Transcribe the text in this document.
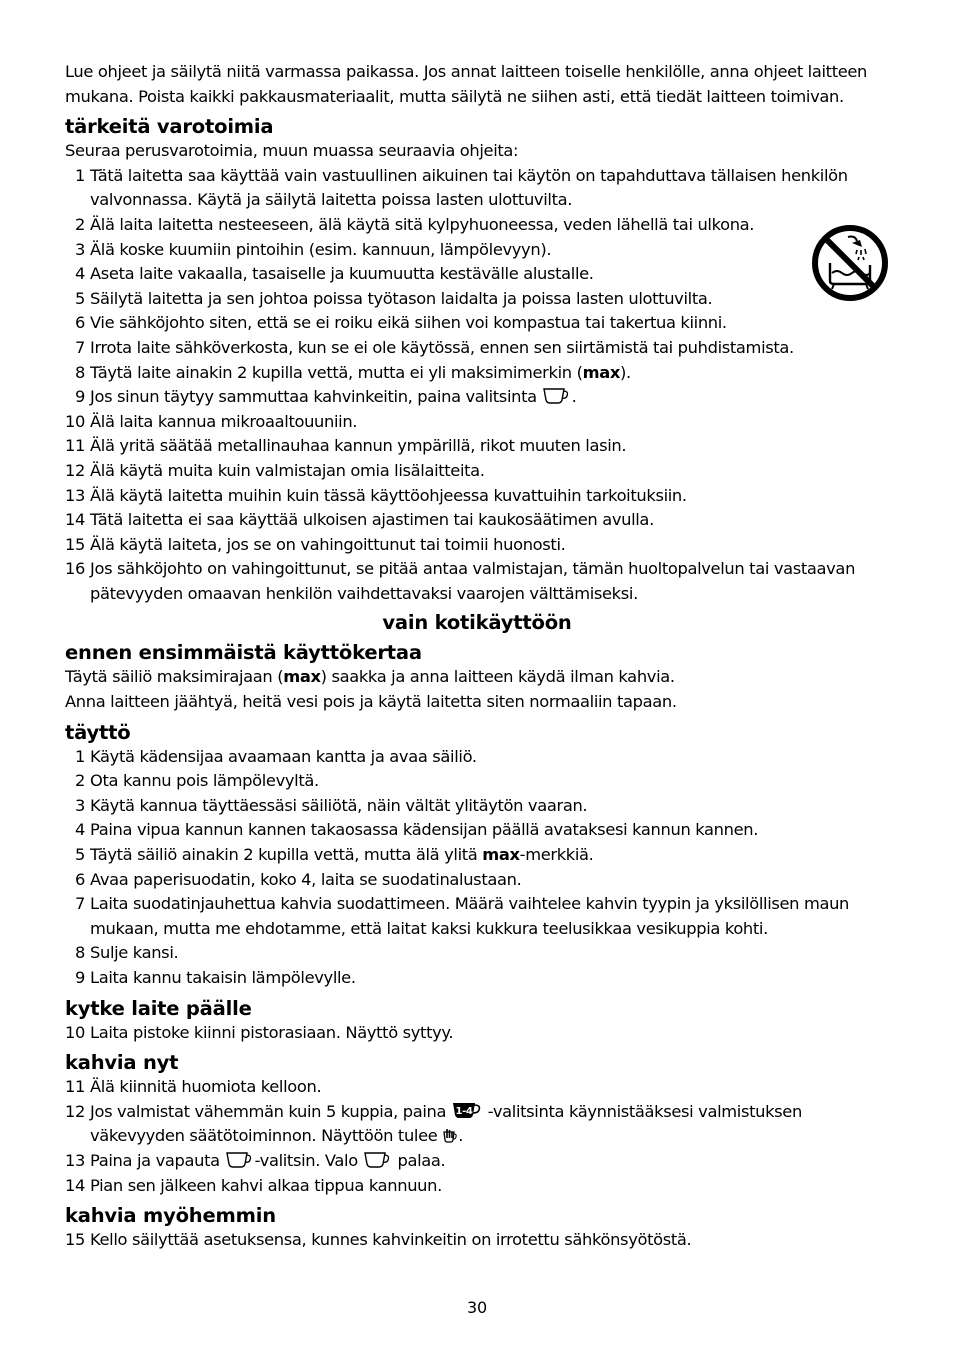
Lue ohjeet ja säilytä niitä varmassa paikassa. Jos annat laitteen toiselle henkilölle, anna ohjeet laitteen mukana. Poista kaikki pakkausmateriaalit, mutta säilytä ne siihen asti, että tiedät laitteen toimivan.

tärkeitä varotoimia

Seuraa perusvarotoimia, muun muassa seuraavia ohjeita:

1 Tätä laitetta saa käyttää vain vastuullinen aikuinen tai käytön on tapahduttava tällaisen henkilön valvonnassa. Käytä ja säilytä laitetta poissa lasten ulottuvilta.
2 Älä laita laitetta nesteeseen, älä käytä sitä kylpyhuoneessa, veden lähellä tai ulkona.
3 Älä koske kuumiin pintoihin (esim. kannuun, lämpölevyyn).
4 Aseta laite vakaalla, tasaiselle ja kuumuutta kestävälle alustalle.
5 Säilytä laitetta ja sen johtoa poissa työtason laidalta ja poissa lasten ulottuvilta.
6 Vie sähköjohto siten, että se ei roiku eikä siihen voi kompastua tai takertua kiinni.
7 Irrota laite sähköverkosta, kun se ei ole käytössä, ennen sen siirtämistä tai puhdistamista.
8 Täytä laite ainakin 2 kupilla vettä, mutta ei yli maksimimerkin (max).
9 Jos sinun täytyy sammuttaa kahvinkeitin, paina valitsinta .
10 Älä laita kannua mikroaaltouuniin.
11 Älä yritä säätää metallinauhaa kannun ympärillä, rikot muuten lasin.
12 Älä käytä muita kuin valmistajan omia lisälaitteita.
13 Älä käytä laitetta muihin kuin tässä käyttöohjeessa kuvattuihin tarkoituksiin.
14 Tätä laitetta ei saa käyttää ulkoisen ajastimen tai kaukosäätimen avulla.
15 Älä käytä laiteta, jos se on vahingoittunut tai toimii huonosti.
16 Jos sähköjohto on vahingoittunut, se pitää antaa valmistajan, tämän huoltopalvelun tai vastaavan pätevyyden omaavan henkilön vaihdettavaksi vaarojen välttämiseksi.
vain kotikäyttöön
ennen ensimmäistä käyttökertaa

Täytä säiliö maksimirajaan (max) saakka ja anna laitteen käydä ilman kahvia.

Anna laitteen jäähtyä, heitä vesi pois ja käytä laitetta siten normaaliin tapaan.

täyttö
1 Käytä kädensijaa avaamaan kantta ja avaa säiliö.
2 Ota kannu pois lämpölevyltä.
3 Käytä kannua täyttäessäsi säiliötä, näin vältät ylitäytön vaaran.
4 Paina vipua kannun kannen takaosassa kädensijan päällä avataksesi kannun kannen.
5 Täytä säiliö ainakin 2 kupilla vettä, mutta älä ylitä max-merkkiä.
6 Avaa paperisuodatin, koko 4, laita se suodatinalustaan.
7 Laita suodatinjauhettua kahvia suodattimeen. Määrä vaihtelee kahvin tyypin ja yksilöllisen maun mukaan, mutta me ehdotamme, että laitat kaksi kukkura teelusikkaa vesikuppia kohti.
8 Sulje kansi.
9 Laita kannu takaisin lämpölevylle.
kytke laite päälle
10 Laita pistoke kiinni pistorasiaan. Näyttö syttyy.
kahvia nyt
11 Älä kiinnitä huomiota kelloon.
12 Jos valmistat vähemmän kuin 5 kuppia, paina 1-4 -valitsinta käynnistääksesi valmistuksen väkevyyden säätötoiminnon. Näyttöön tulee .
13 Paina ja vapauta -valitsin. Valo palaa.
14 Pian sen jälkeen kahvi alkaa tippua kannuun.
kahvia myöhemmin
15 Kello säilyttää asetuksensa, kunnes kahvinkeitin on irrotettu sähkönsyötöstä.
30
